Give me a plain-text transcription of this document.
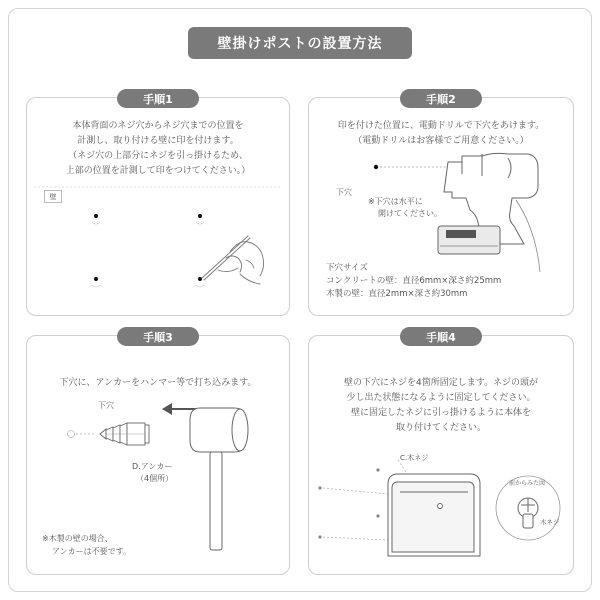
壁掛けポストの設置方法
手順1
本体背面のネジ穴からネジ穴までの位置を
計測し、取り付ける壁に印を付けます。
（ネジ穴の上部分にネジを引っ掛けるため、
上部の位置を計測して印をつけてください。）
壁
手順2
印を付けた位置に、電動ドリルで下穴をあけます。
（電動ドリルはお客様でご用意ください。）
下穴
※下穴は水平に
開けてください。
下穴サイズ
コンクリートの壁：直径6mm×深さ約25mm
木製の壁：直径2mm×深さ約30mm
手順3
下穴に、アンカーをハンマー等で打ち込みます。
下穴
D.アンカー
（4個所）
※木製の壁の場合、
アンカーは不要です。
手順4
壁の下穴にネジを4箇所固定します。ネジの頭が
少し出た状態になるように固定してください。
壁に固定したネジに引っ掛けるように本体を
取り付けてください。
C.木ネジ
前からみた図
木ネジ
